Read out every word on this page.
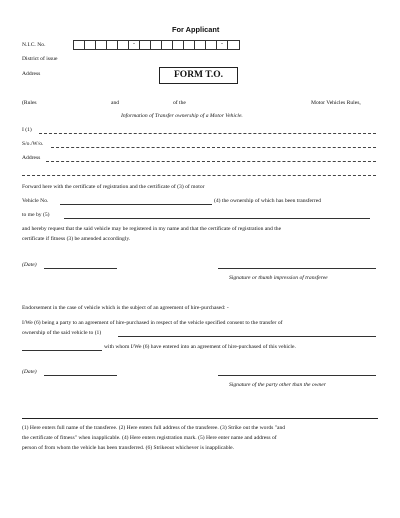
For Applicant
N.I.C. No.	-	-
District of issue
Address	FORM T.O.
(Rules	and	of the	Motor Vehicles Rules,
Information of Transfer ownership of a Motor Vehicle.
I (1)
S/o./W/o.
Address
Forward here with the certificate of registration and the certificate of (3) of motor
Vehicle No.	(4) the ownership of which has been transferred
to me by (5)
and hereby request that the said vehicle may be registered in my name and that the certificate of registration and the
certificate if fitness (3) be amended accordingly.
(Date)
Signature or thumb impression of transferee
Endorsement in the case of vehicle which is the subject of an agreement of hire-purchased: -
I/We (6) being a party to an agreement of hire-purchased in respect of the vehicle specified consent to the transfer of
ownership of the said vehicle to (1)
with whom I/We (6) have entered into an agreement of hire-purchased of this vehicle.
(Date)
Signature of the party other than the owner
(1) Here enters full name of the transferee. (2) Here enters full address of the transferee. (3) Strike out the words "and
the certificate of fitness" when inapplicable. (4) Here enters registration mark. (5) Here enter name and address of
person of from whom the vehicle has been transferred. (6) Strikeout whichever is inapplicable.
